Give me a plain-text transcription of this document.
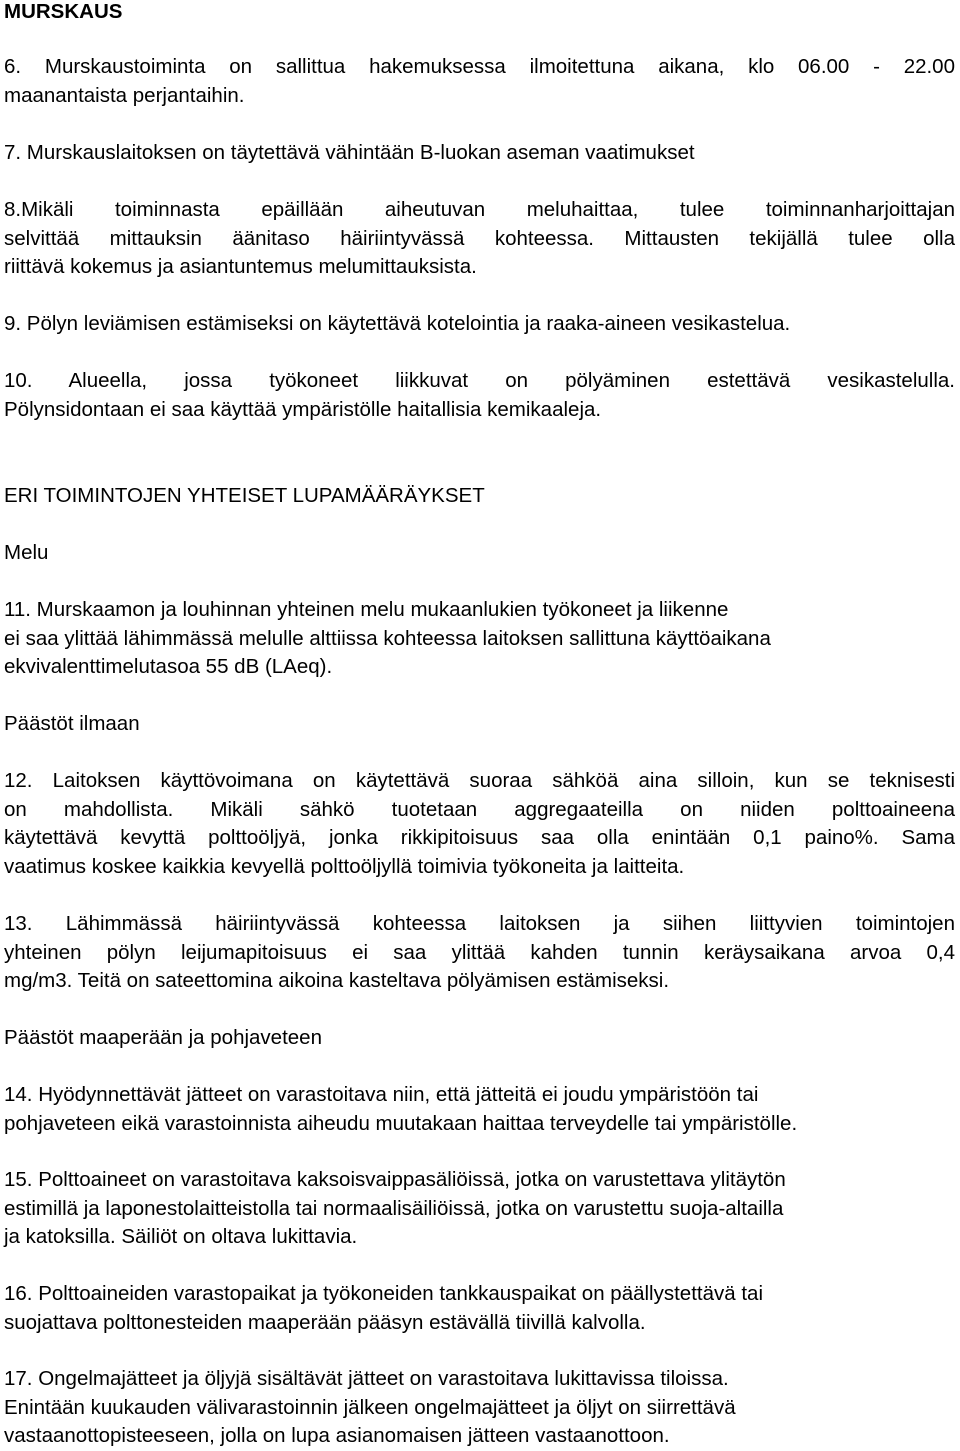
MURSKAUS
6. Murskaustoiminta on sallittua hakemuksessa ilmoitettuna aikana, klo 06.00 - 22.00
maanantaista perjantaihin.
7. Murskauslaitoksen on täytettävä vähintään B-luokan aseman vaatimukset
8.Mikäli toiminnasta epäillään aiheutuvan meluhaittaa, tulee toiminnanharjoittajan
selvittää mittauksin äänitaso häiriintyvässä kohteessa. Mittausten tekijällä tulee olla
riittävä kokemus ja asiantuntemus melumittauksista.
9. Pölyn leviämisen estämiseksi on käytettävä kotelointia ja raaka-aineen vesikastelua.
10. Alueella, jossa työkoneet liikkuvat on pölyäminen estettävä vesikastelulla.
Pölynsidontaan ei saa käyttää ympäristölle haitallisia kemikaaleja.
ERI TOIMINTOJEN YHTEISET LUPAMÄÄRÄYKSET
Melu
11. Murskaamon ja louhinnan yhteinen melu mukaanlukien työkoneet ja liikenne
ei saa ylittää lähimmässä melulle alttiissa kohteessa laitoksen sallittuna käyttöaikana
ekvivalenttimelutasoa 55 dB (LAeq).
Päästöt ilmaan
12. Laitoksen käyttövoimana on käytettävä suoraa sähköä aina silloin, kun se teknisesti
on mahdollista. Mikäli sähkö tuotetaan aggregaateilla on niiden polttoaineena
käytettävä kevyttä polttoöljyä, jonka rikkipitoisuus saa olla enintään 0,1 paino%. Sama
vaatimus koskee kaikkia kevyellä polttoöljyllä toimivia työkoneita ja laitteita.
13. Lähimmässä häiriintyvässä kohteessa laitoksen ja siihen liittyvien toimintojen
yhteinen pölyn leijumapitoisuus ei saa ylittää kahden tunnin keräysaikana arvoa 0,4
mg/m3. Teitä on sateettomina aikoina kasteltava pölyämisen estämiseksi.
Päästöt maaperään ja pohjaveteen
14. Hyödynnettävät jätteet on varastoitava niin, että jätteitä ei joudu ympäristöön tai
pohjaveteen eikä varastoinnista aiheudu muutakaan haittaa terveydelle tai ympäristölle.
15. Polttoaineet on varastoitava kaksoisvaippasäliöissä, jotka on varustettava ylitäytön
estimillä ja laponestolaitteistolla tai normaalisäiliöissä, jotka on varustettu suoja-altailla
ja katoksilla. Säiliöt on oltava lukittavia.
16. Polttoaineiden varastopaikat ja työkoneiden tankkauspaikat on päällystettävä tai
suojattava polttonesteiden maaperään pääsyn estävällä tiivillä kalvolla.
17. Ongelmajätteet ja öljyjä sisältävät jätteet on varastoitava lukittavissa tiloissa.
Enintään kuukauden välivarastoinnin jälkeen ongelmajätteet ja öljyt on siirrettävä
vastaanottopisteeseen, jolla on lupa asianomaisen jätteen vastaanottoon.
